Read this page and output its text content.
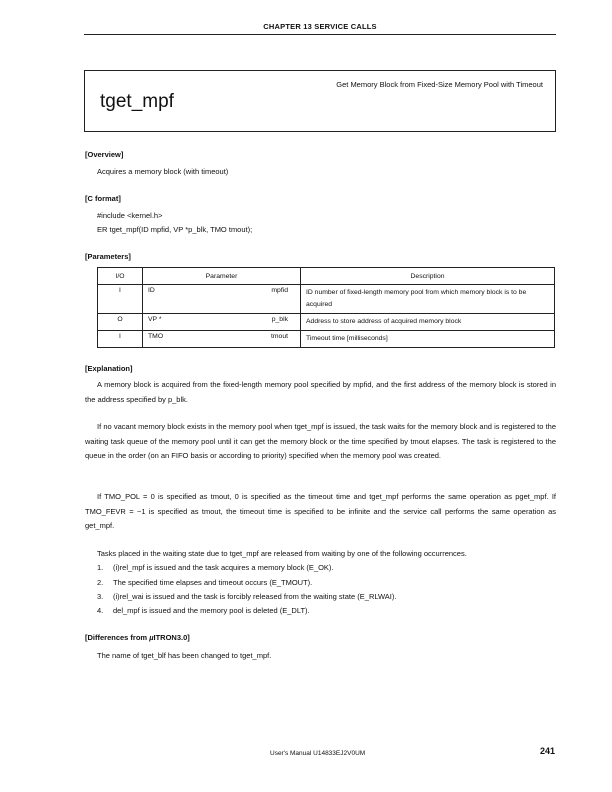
CHAPTER 13 SERVICE CALLS
tget_mpf
Get Memory Block from Fixed-Size Memory Pool with Timeout
[Overview]
Acquires a memory block (with timeout)
[C format]
#include <kernel.h>
ER tget_mpf(ID mpfid, VP *p_blk, TMO tmout);
[Parameters]
I/O	Parameter		Description
I	ID	mpfid	ID number of fixed-length memory pool from which memory block is to be acquired
O	VP *	p_blk	Address to store address of acquired memory block
I	TMO	tmout	Timeout time [milliseconds]
[Explanation]
A memory block is acquired from the fixed-length memory pool specified by mpfid, and the first address of the memory block is stored in the address specified by p_blk.
If no vacant memory block exists in the memory pool when tget_mpf is issued, the task waits for the memory block and is registered to the waiting task queue of the memory pool until it can get the memory block or the time specified by tmout elapses. The task is registered to the queue in the order (on an FIFO basis or according to priority) specified when the memory pool was created.
If TMO_POL = 0 is specified as tmout, 0 is specified as the timeout time and tget_mpf performs the same operation as pget_mpf. If TMO_FEVR = −1 is specified as tmout, the timeout time is specified to be infinite and the service call performs the same operation as get_mpf.
Tasks placed in the waiting state due to tget_mpf are released from waiting by one of the following occurrences.
1. (i)rel_mpf is issued and the task acquires a memory block (E_OK).
2. The specified time elapses and timeout occurs (E_TMOUT).
3. (i)rel_wai is issued and the task is forcibly released from the waiting state (E_RLWAI).
4. del_mpf is issued and the memory pool is deleted (E_DLT).
[Differences from µITRON3.0]
The name of tget_blf has been changed to tget_mpf.
User's Manual U14833EJ2V0UM	241
